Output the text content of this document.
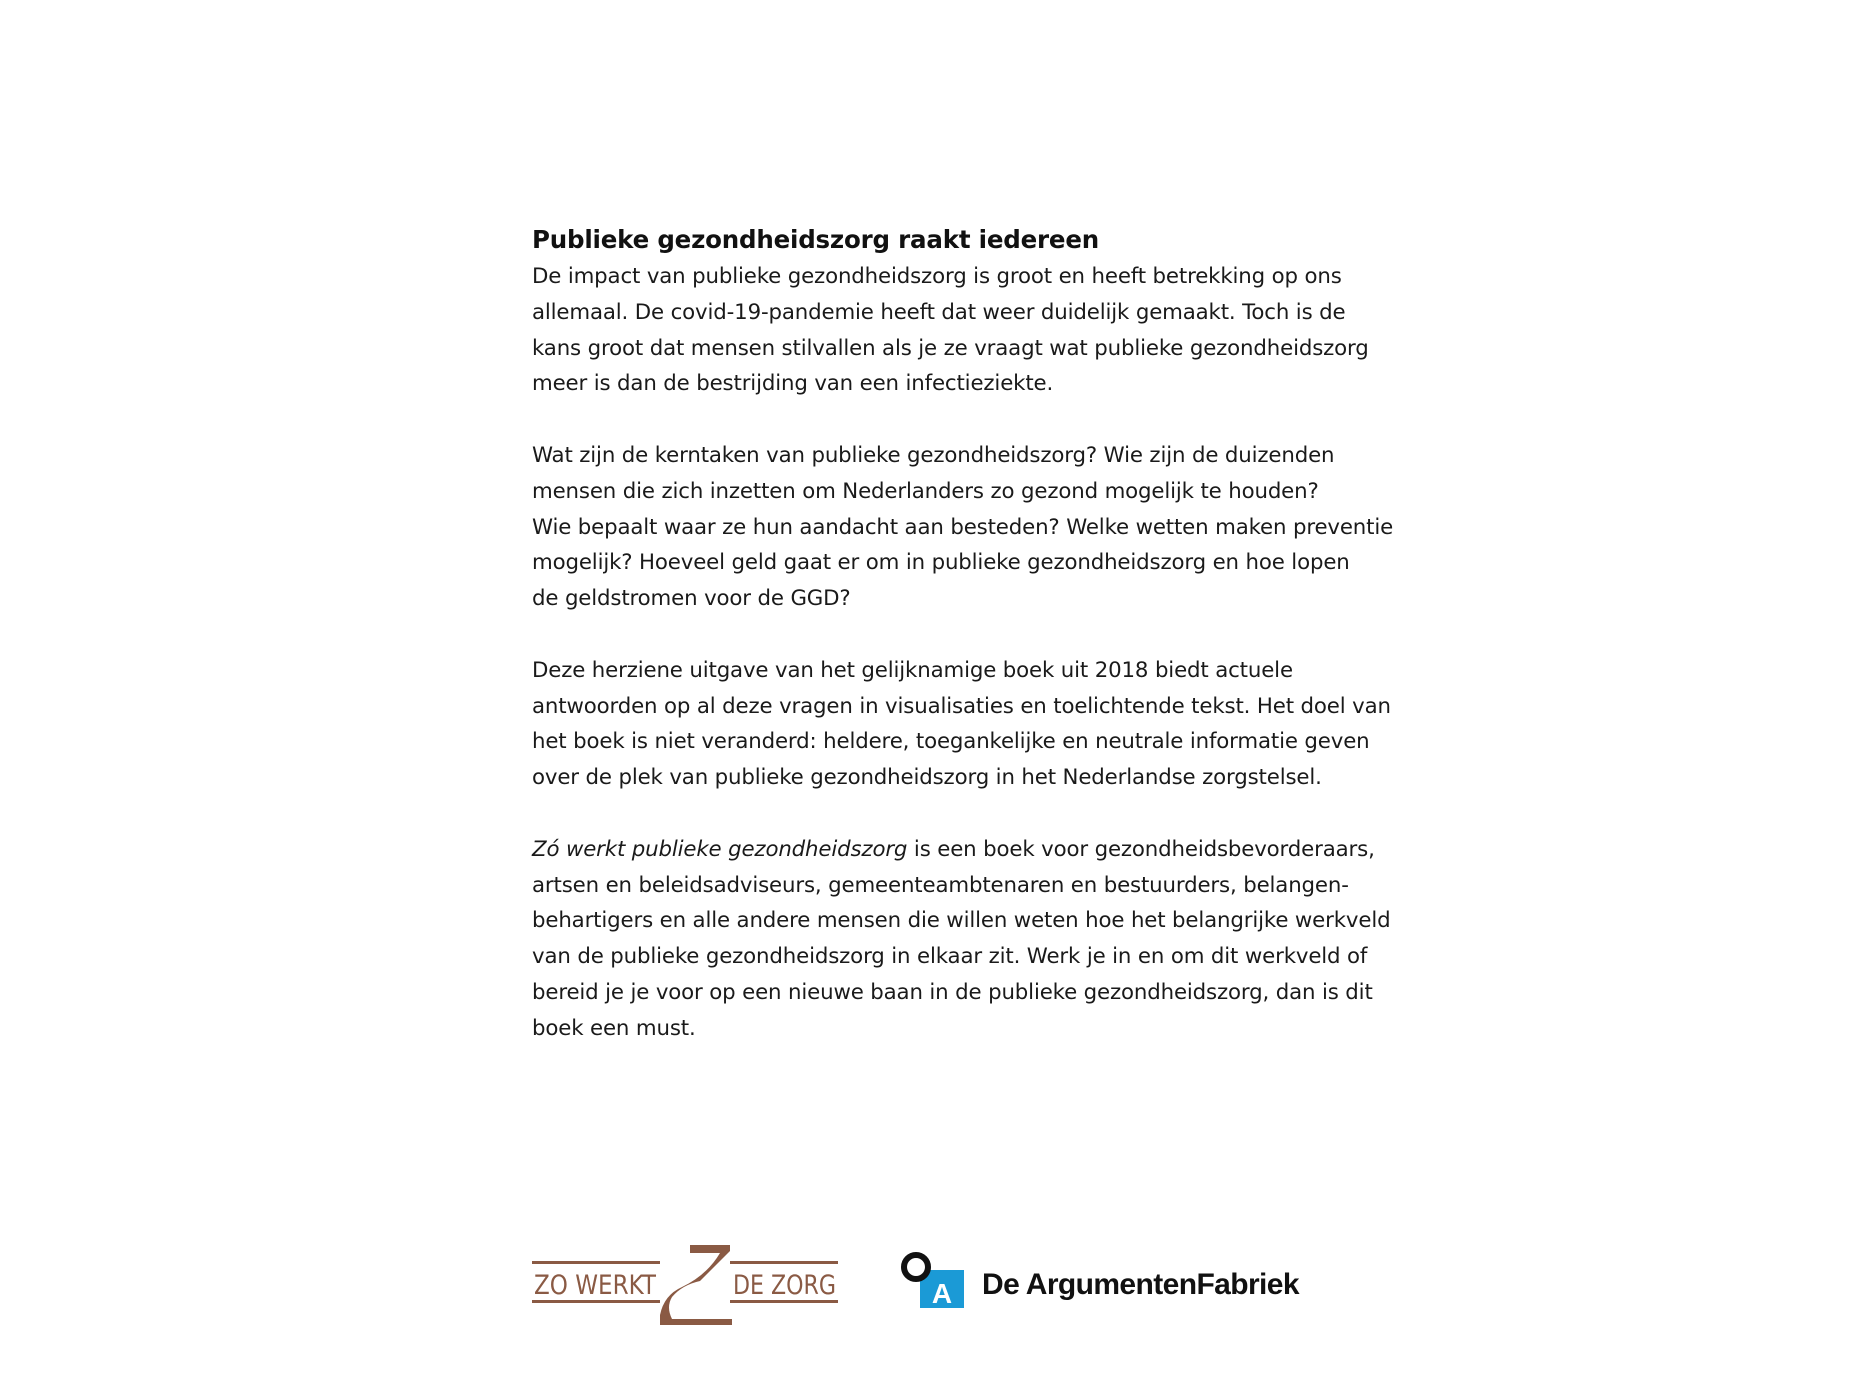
Publieke gezondheidszorg raakt iedereen

De impact van publieke gezondheidszorg is groot en heeft betrekking op ons
allemaal. De covid-19-pandemie heeft dat weer duidelijk gemaakt. Toch is de
kans groot dat mensen stilvallen als je ze vraagt wat publieke gezondheidszorg
meer is dan de bestrijding van een infectieziekte.

Wat zijn de kerntaken van publieke gezondheidszorg? Wie zijn de duizenden
mensen die zich inzetten om Nederlanders zo gezond mogelijk te houden?
Wie bepaalt waar ze hun aandacht aan besteden? Welke wetten maken preventie
mogelijk? Hoeveel geld gaat er om in publieke gezondheidszorg en hoe lopen
de geldstromen voor de GGD?

Deze herziene uitgave van het gelijknamige boek uit 2018 biedt actuele
antwoorden op al deze vragen in visualisaties en toelichtende tekst. Het doel van
het boek is niet veranderd: heldere, toegankelijke en neutrale informatie geven
over de plek van publieke gezondheidszorg in het Nederlandse zorgstelsel.

Zó werkt publieke gezondheidszorg is een boek voor gezondheidsbevorderaars,
artsen en beleidsadviseurs, gemeenteambtenaren en bestuurders, belangen-
behartigers en alle andere mensen die willen weten hoe het belangrijke werkveld
van de publieke gezondheidszorg in elkaar zit. Werk je in en om dit werkveld of
bereid je je voor op een nieuwe baan in de publieke gezondheidszorg, dan is dit
boek een must.

ZO WERKT	DE ZORG	A De ArgumentenFabriek
